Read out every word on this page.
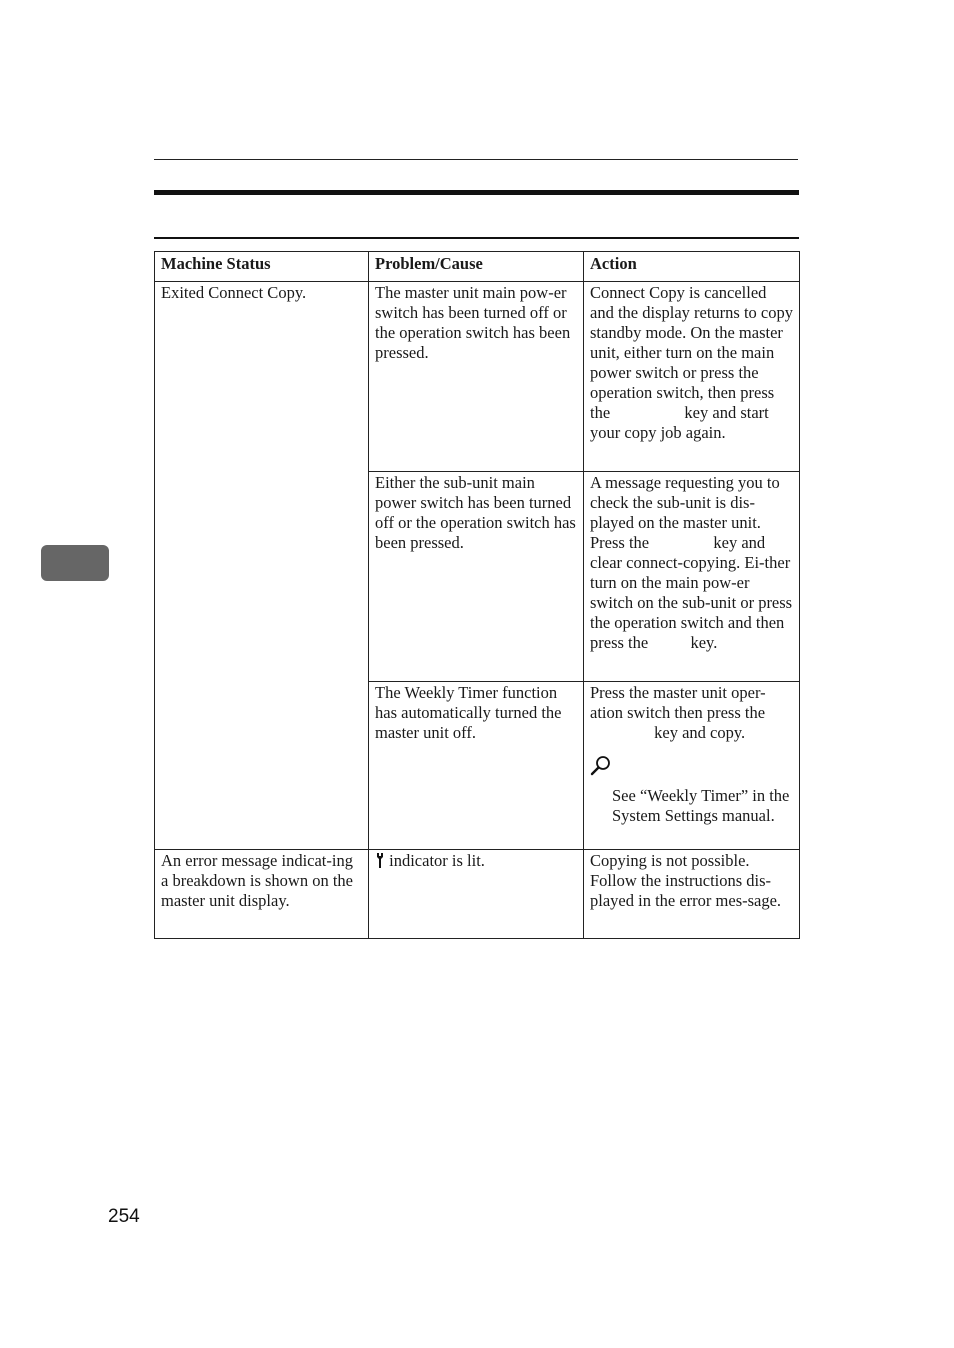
Machine Status	Problem/Cause	Action

Exited Connect Copy.	The master unit main pow-er switch has been turned off or the operation switch has been pressed.	Connect Copy is cancelled and the display returns to copy standby mode. On the master unit, either turn on the main power switch or press the operation switch, then press the key and start your copy job again.

	Either the sub-unit main power switch has been turned off or the operation switch has been pressed.	A message requesting you to check the sub-unit is dis-played on the master unit. Press the key and clear connect-copying. Ei-ther turn on the main pow-er switch on the sub-unit or press the operation switch and then press the key.

	The Weekly Timer function has automatically turned the master unit off.	Press the master unit oper-ation switch then press the  key and copy.
See “Weekly Timer” in the System Settings manual.

An error message indicat-ing a breakdown is shown on the master unit display.	indicator is lit.	Copying is not possible. Follow the instructions dis-played in the error mes-sage.
254
